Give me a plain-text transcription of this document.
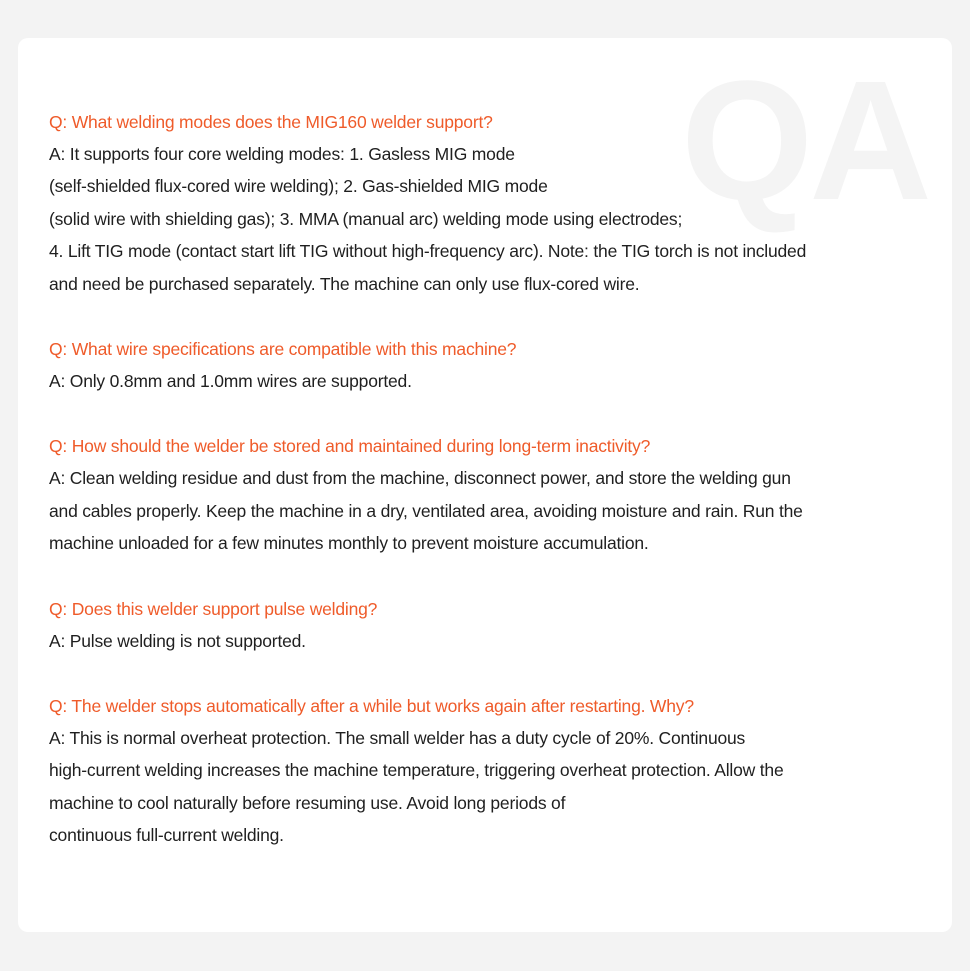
QA
Q: What welding modes does the MIG160 welder support?
A: It supports four core welding modes: 1. Gasless MIG mode
(self-shielded flux-cored wire welding); 2. Gas-shielded MIG mode
(solid wire with shielding gas); 3. MMA (manual arc) welding mode using electrodes;
4. Lift TIG mode (contact start lift TIG without high-frequency arc). Note: the TIG torch is not included
and need be purchased separately. The machine can only use flux-cored wire.
Q: What wire specifications are compatible with this machine?
A: Only 0.8mm and 1.0mm wires are supported.
Q: How should the welder be stored and maintained during long-term inactivity?
A: Clean welding residue and dust from the machine, disconnect power, and store the welding gun
and cables properly. Keep the machine in a dry, ventilated area, avoiding moisture and rain. Run the
machine unloaded for a few minutes monthly to prevent moisture accumulation.
Q: Does this welder support pulse welding?
A: Pulse welding is not supported.
Q: The welder stops automatically after a while but works again after restarting. Why?
A: This is normal overheat protection. The small welder has a duty cycle of 20%. Continuous
high-current welding increases the machine temperature, triggering overheat protection. Allow the
machine to cool naturally before resuming use. Avoid long periods of
continuous full-current welding.
